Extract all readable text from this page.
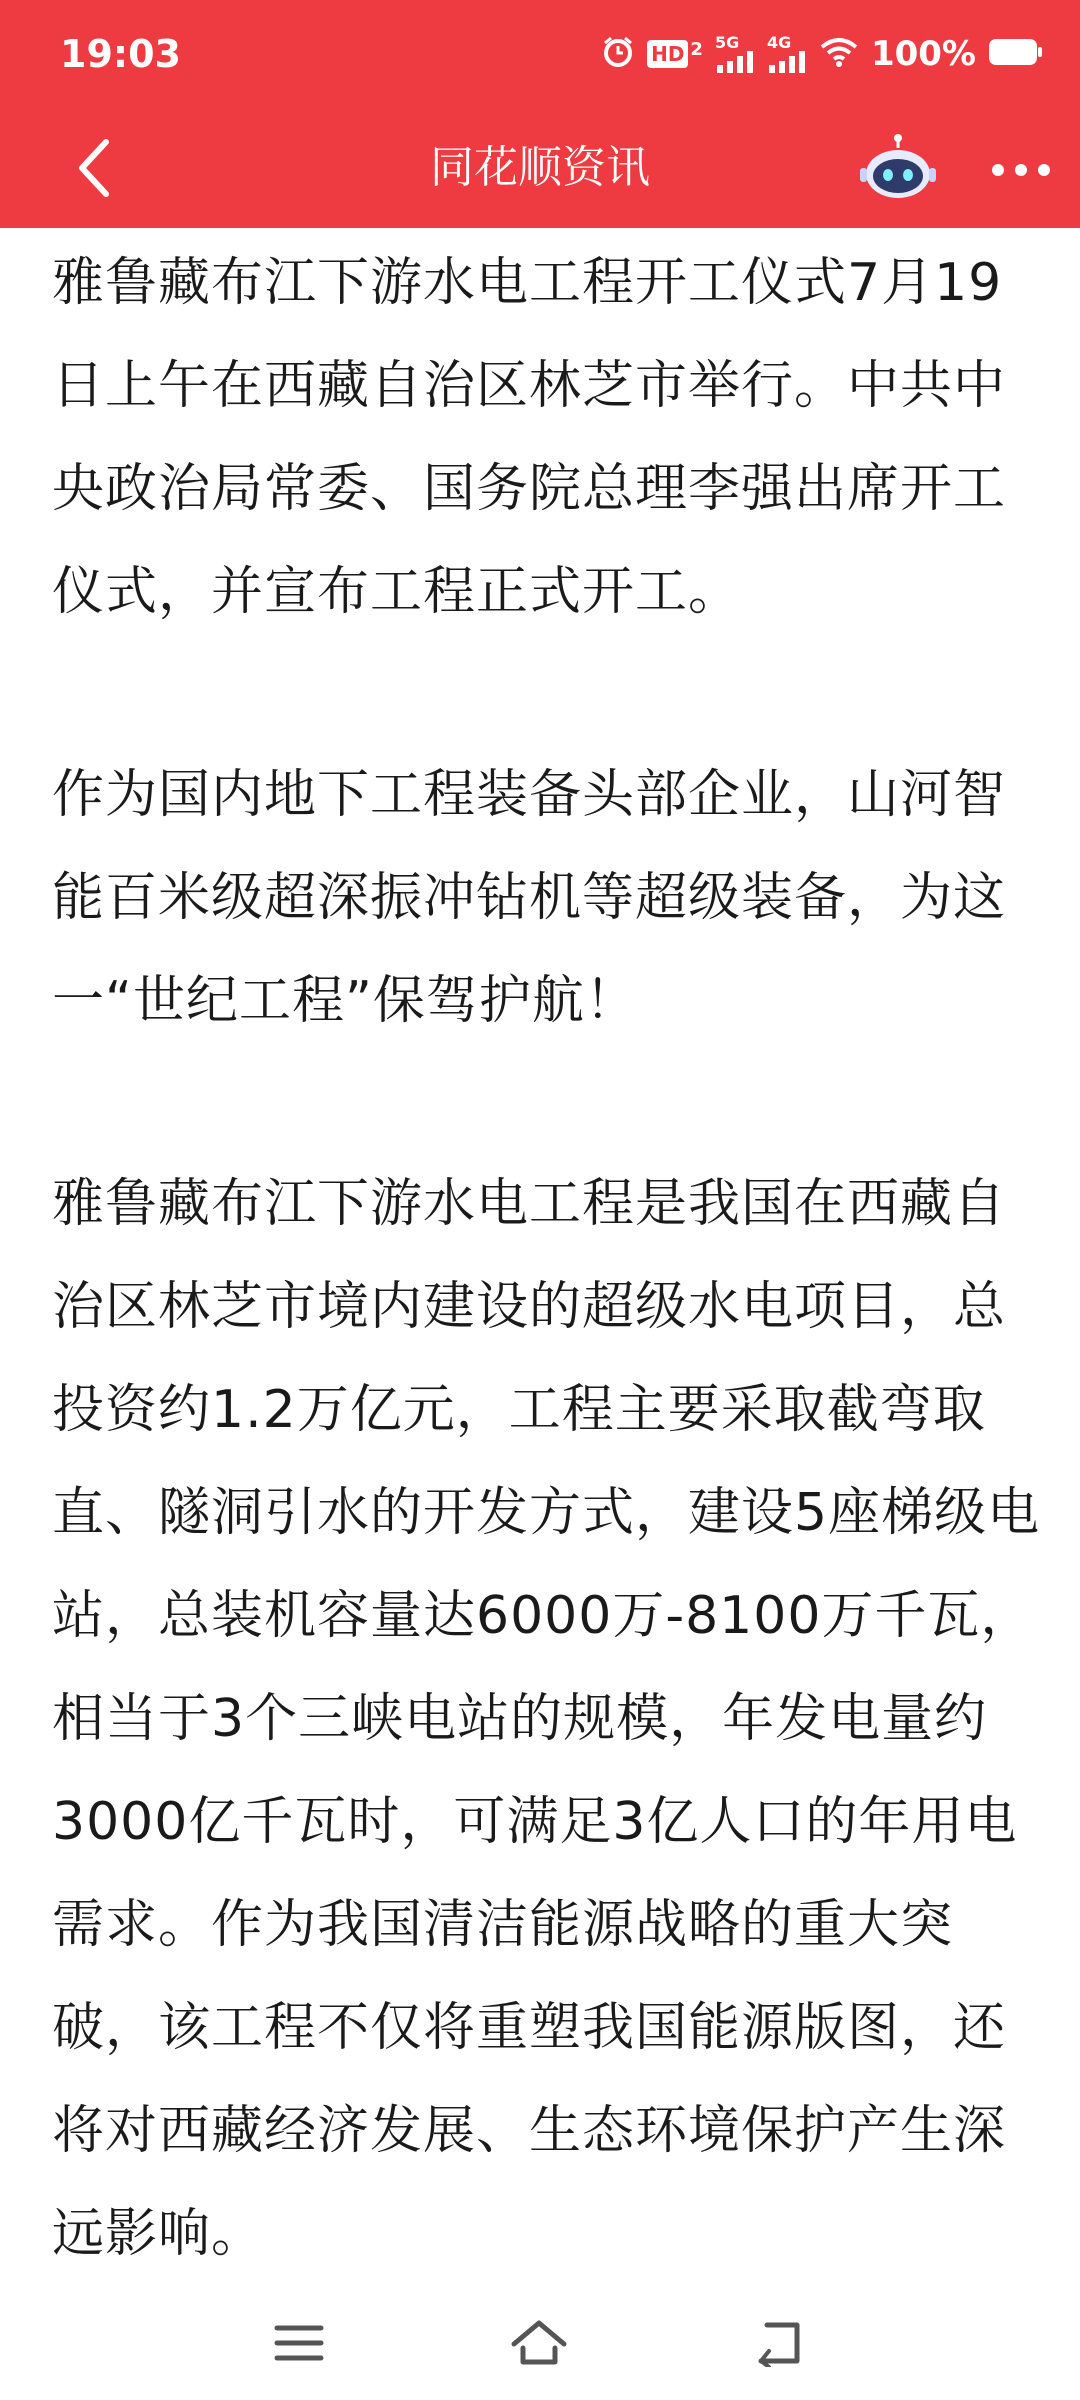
19:03	HD 2 5G 4G 100%
同花顺资讯

雅鲁藏布江下游水电工程开工仪式7月19日上午在西藏自治区林芝市举行。中共中央政治局常委、国务院总理李强出席开工仪式，并宣布工程正式开工。

作为国内地下工程装备头部企业，山河智能百米级超深振冲钻机等超级装备，为这一“世纪工程”保驾护航！

雅鲁藏布江下游水电工程是我国在西藏自治区林芝市境内建设的超级水电项目，总投资约1.2万亿元，工程主要采取截弯取直、隧洞引水的开发方式，建设5座梯级电站，总装机容量达6000万-8100万千瓦，相当于3个三峡电站的规模，年发电量约3000亿千瓦时，可满足3亿人口的年用电需求。作为我国清洁能源战略的重大突破，该工程不仅将重塑我国能源版图，还将对西藏经济发展、生态环境保护产生深远影响。
